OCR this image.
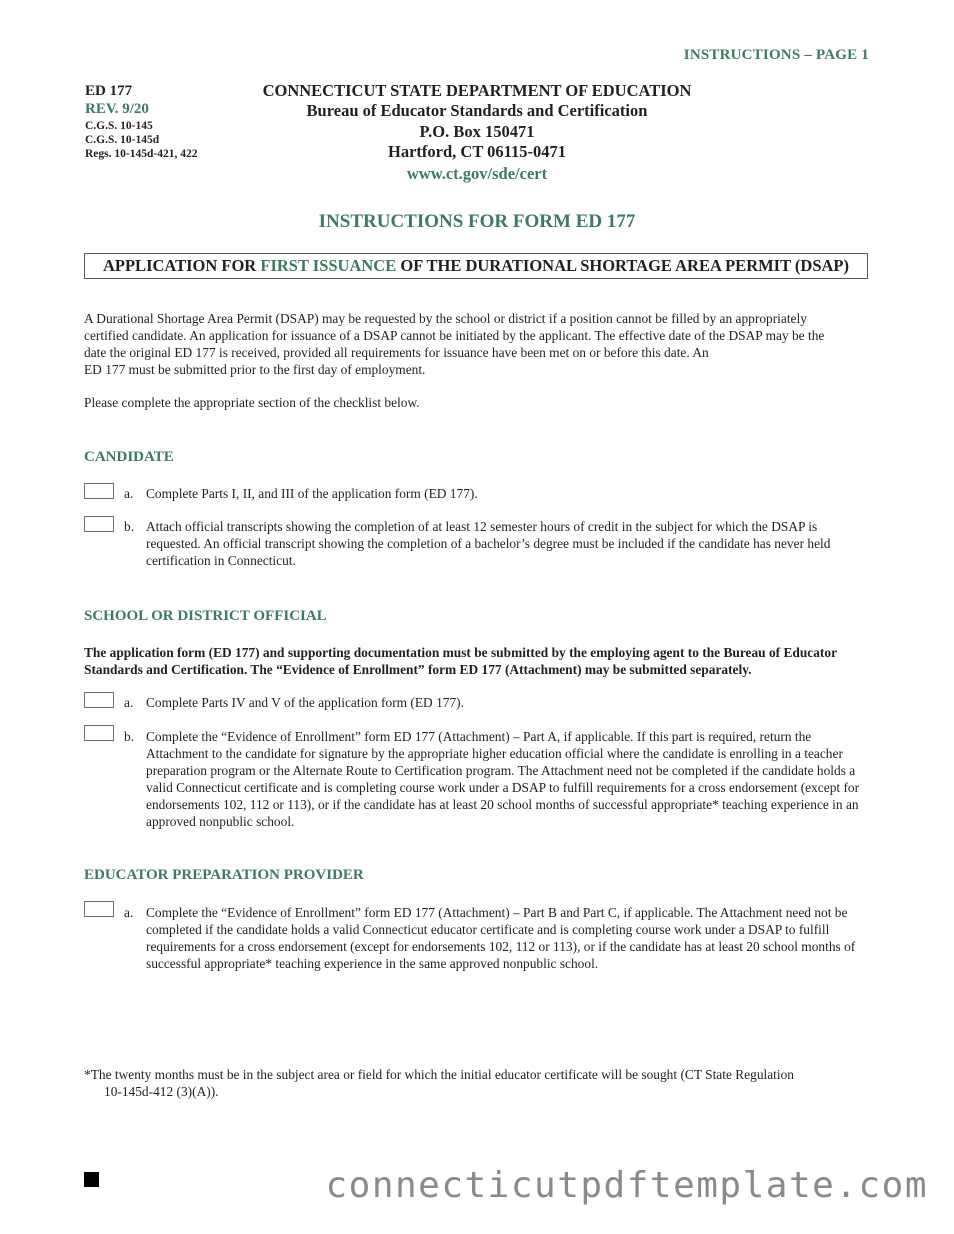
INSTRUCTIONS – PAGE 1
ED 177
REV. 9/20
C.G.S. 10-145
C.G.S. 10-145d
Regs. 10-145d-421, 422
CONNECTICUT STATE DEPARTMENT OF EDUCATION
Bureau of Educator Standards and Certification
P.O. Box 150471
Hartford, CT 06115-0471
www.ct.gov/sde/cert
INSTRUCTIONS FOR FORM ED 177
APPLICATION FOR FIRST ISSUANCE OF THE DURATIONAL SHORTAGE AREA PERMIT (DSAP)
A Durational Shortage Area Permit (DSAP) may be requested by the school or district if a position cannot be filled by an appropriately
certified candidate. An application for issuance of a DSAP cannot be initiated by the applicant. The effective date of the DSAP may be the
date the original ED 177 is received, provided all requirements for issuance have been met on or before this date. An
ED 177 must be submitted prior to the first day of employment.
Please complete the appropriate section of the checklist below.
CANDIDATE
a. Complete Parts I, II, and III of the application form (ED 177).
b. Attach official transcripts showing the completion of at least 12 semester hours of credit in the subject for which the DSAP is requested. An official transcript showing the completion of a bachelor’s degree must be included if the candidate has never held certification in Connecticut.
SCHOOL OR DISTRICT OFFICIAL
The application form (ED 177) and supporting documentation must be submitted by the employing agent to the Bureau of Educator Standards and Certification. The “Evidence of Enrollment” form ED 177 (Attachment) may be submitted separately.
a. Complete Parts IV and V of the application form (ED 177).
b. Complete the “Evidence of Enrollment” form ED 177 (Attachment) – Part A, if applicable. If this part is required, return the Attachment to the candidate for signature by the appropriate higher education official where the candidate is enrolling in a teacher preparation program or the Alternate Route to Certification program. The Attachment need not be completed if the candidate holds a valid Connecticut certificate and is completing course work under a DSAP to fulfill requirements for a cross endorsement (except for endorsements 102, 112 or 113), or if the candidate has at least 20 school months of successful appropriate* teaching experience in an approved nonpublic school.
EDUCATOR PREPARATION PROVIDER
a. Complete the “Evidence of Enrollment” form ED 177 (Attachment) – Part B and Part C, if applicable. The Attachment need not be completed if the candidate holds a valid Connecticut educator certificate and is completing course work under a DSAP to fulfill requirements for a cross endorsement (except for endorsements 102, 112 or 113), or if the candidate has at least 20 school months of successful appropriate* teaching experience in the same approved nonpublic school.
*The twenty months must be in the subject area or field for which the initial educator certificate will be sought (CT State Regulation
10-145d-412 (3)(A)).
connecticutpdftemplate.com
